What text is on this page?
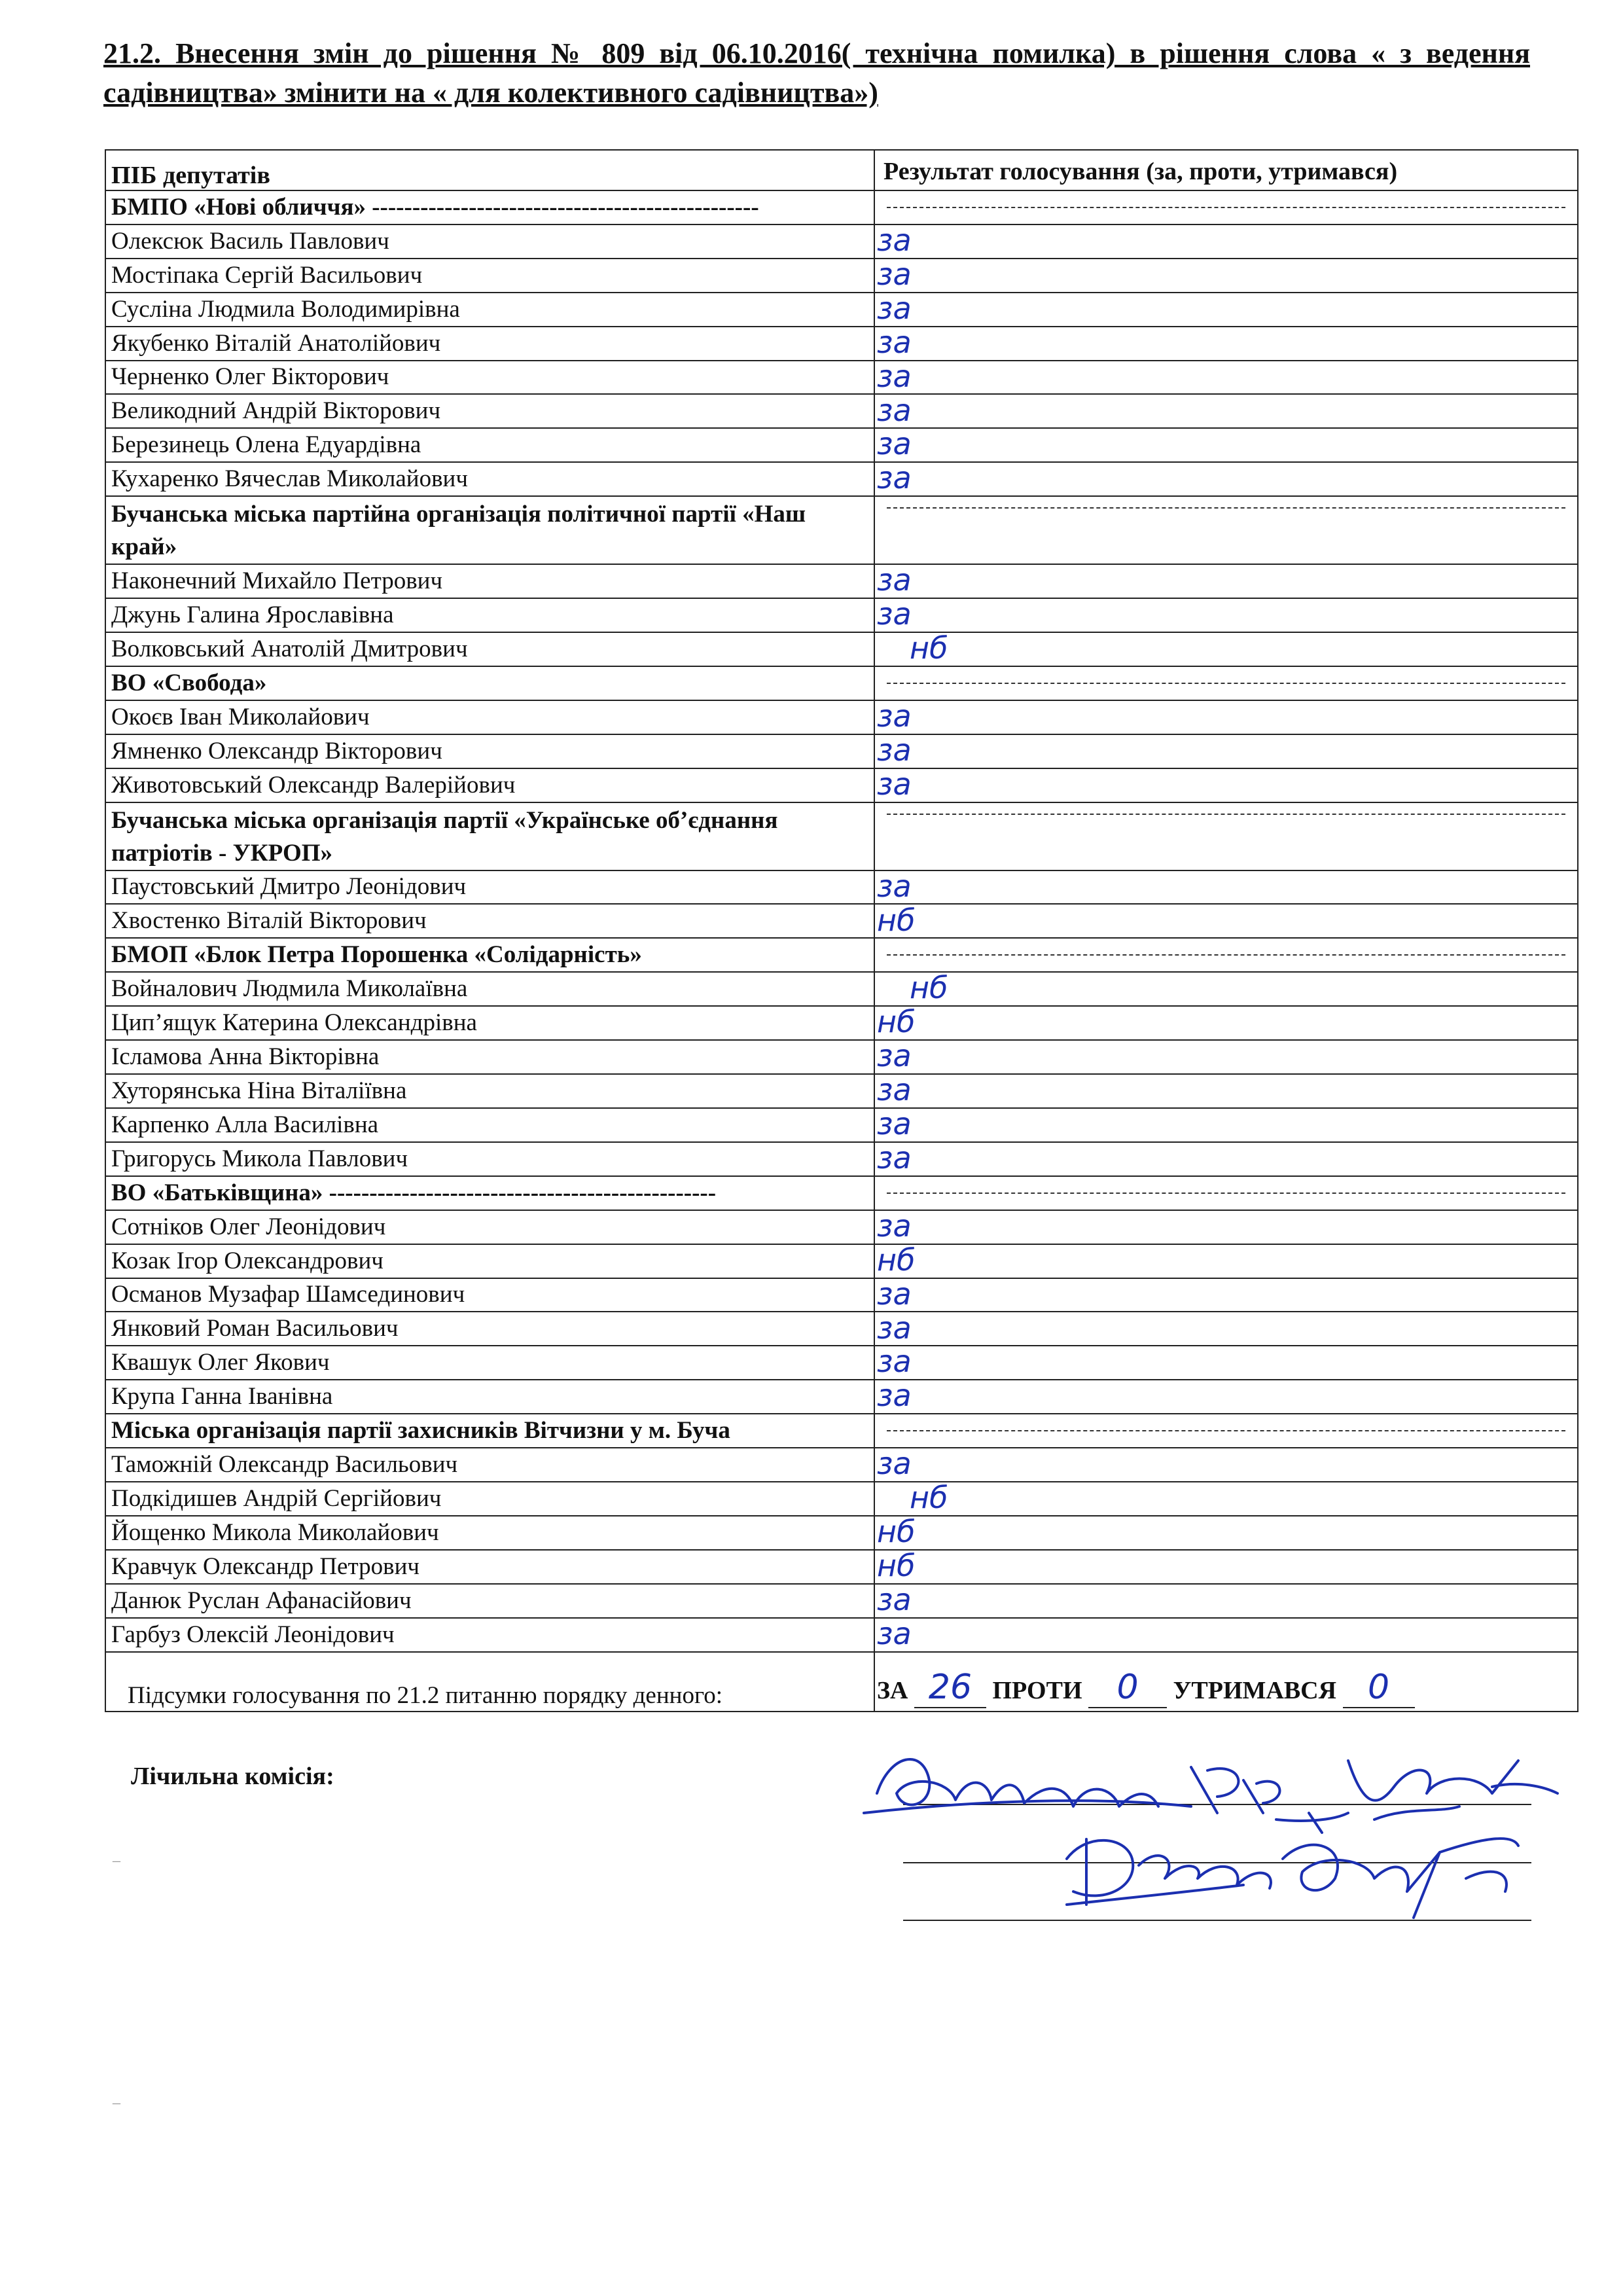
21.2. Внесення змін до рішення № 809 від 06.10.2016( технічна помилка) в рішення слова « з ведення садівництва» змінити на « для колективного садівництва»)
ПІБ депутатів	Результат голосування (за, проти, утримався)
БМПО «Нові обличчя» ------------------------------------------------
Олексюк Василь Павлович	за
Мостіпака Сергій Васильович	за
Сусліна Людмила Володимирівна	за
Якубенко Віталій Анатолійович	за
Черненко Олег Вікторович	за
Великодний Андрій Вікторович	за
Березинець Олена Едуардівна	за
Кухаренко Вячеслав Миколайович	за
Бучанська міська партійна організація політичної партії «Наш край»
Наконечний Михайло Петрович	за
Джунь Галина Ярославівна	за
Волковський Анатолій Дмитрович	нб
ВО «Свобода»
Окоєв Іван Миколайович	за
Ямненко Олександр Вікторович	за
Животовський Олександр Валерійович	за
Бучанська міська організація партії «Українське об’єднання патріотів - УКРОП»
Паустовський Дмитро Леонідович	за
Хвостенко Віталій Вікторович	нб
БМОП «Блок Петра Порошенка «Солідарність»
Войналович Людмила Миколаївна	нб
Цип’ящук Катерина Олександрівна	нб
Ісламова Анна Вікторівна	за
Хуторянська Ніна Віталіївна	за
Карпенко Алла Василівна	за
Григорусь Микола Павлович	за
ВО «Батьківщина» ------------------------------------------------
Сотніков Олег Леонідович	за
Козак Ігор Олександрович	нб
Османов Музафар Шамсединович	за
Янковий Роман Васильович	за
Квашук Олег Якович	за
Крупа Ганна Іванівна	за
Міська організація партії захисників Вітчизни у м. Буча
Таможній Олександр Васильович	за
Подкідишев Андрій Сергійович	нб
Йощенко Микола Миколайович	нб
Кравчук Олександр Петрович	нб
Данюк Руслан Афанасійович	за
Гарбуз Олексій Леонідович	за
Підсумки голосування по 21.2 питанню порядку денного:	ЗА 26 ПРОТИ 0 УТРИМАВСЯ 0
Лічильна комісія:
–
–
